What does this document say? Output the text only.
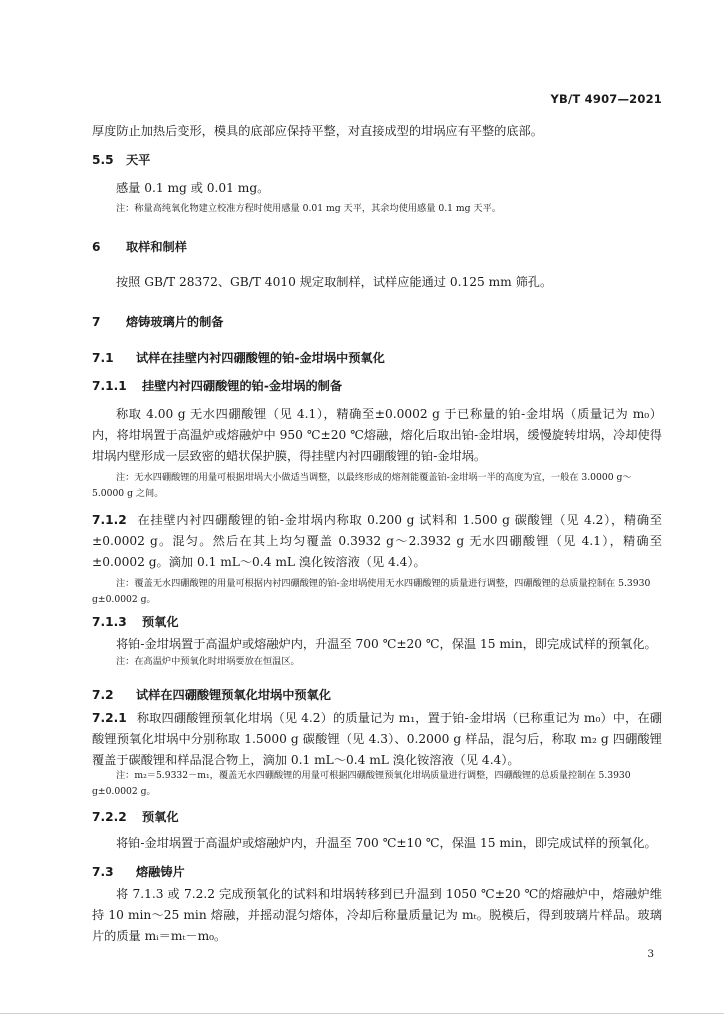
YB/T 4907—2021

厚度防止加热后变形，模具的底部应保持平整，对直接成型的坩埚应有平整的底部。

5.5 天平

感量 0.1 mg 或 0.01 mg。

注：称量高纯氧化物建立校准方程时使用感量 0.01 mg 天平，其余均使用感量 0.1 mg 天平。

6 取样和制样

按照 GB/T 28372、GB/T 4010 规定取制样，试样应能通过 0.125 mm 筛孔。

7 熔铸玻璃片的制备
7.1 试样在挂壁内衬四硼酸锂的铂-金坩埚中预氧化
7.1.1 挂壁内衬四硼酸锂的铂-金坩埚的制备

称取 4.00 g 无水四硼酸锂（见 4.1），精确至±0.0002 g 于已称量的铂-金坩埚（质量记为 m₀）内，将坩埚置于高温炉或熔融炉中 950 ℃±20 ℃熔融，熔化后取出铂-金坩埚，缓慢旋转坩埚，冷却使得坩埚内壁形成一层致密的蜡状保护膜，得挂壁内衬四硼酸锂的铂-金坩埚。

注：无水四硼酸锂的用量可根据坩埚大小做适当调整，以最终形成的熔剂能覆盖铂-金坩埚一半的高度为宜，一般在 3.0000 g～5.0000 g 之间。

7.1.2 在挂壁内衬四硼酸锂的铂-金坩埚内称取 0.200 g 试料和 1.500 g 碳酸锂（见 4.2），精确至±0.0002 g。混匀。然后在其上均匀覆盖 0.3932 g～2.3932 g 无水四硼酸锂（见 4.1），精确至±0.0002 g。滴加 0.1 mL～0.4 mL 溴化铵溶液（见 4.4）。

注：覆盖无水四硼酸锂的用量可根据内衬四硼酸锂的铂-金坩埚使用无水四硼酸锂的质量进行调整，四硼酸锂的总质量控制在 5.3930 g±0.0002 g。

7.1.3 预氧化

将铂-金坩埚置于高温炉或熔融炉内，升温至 700 ℃±20 ℃，保温 15 min，即完成试样的预氧化。

注：在高温炉中预氧化时坩埚要放在恒温区。

7.2 试样在四硼酸锂预氧化坩埚中预氧化

7.2.1 称取四硼酸锂预氧化坩埚（见 4.2）的质量记为 m₁，置于铂-金坩埚（已称重记为 m₀）中，在硼酸锂预氧化坩埚中分别称取 1.5000 g 碳酸锂（见 4.3）、0.2000 g 样品，混匀后，称取 m₂ g 四硼酸锂覆盖于碳酸锂和样品混合物上，滴加 0.1 mL～0.4 mL 溴化铵溶液（见 4.4）。

注：m₂＝5.9332－m₁，覆盖无水四硼酸锂的用量可根据四硼酸锂预氧化坩埚质量进行调整，四硼酸锂的总质量控制在 5.3930 g±0.0002 g。

7.2.2 预氧化

将铂-金坩埚置于高温炉或熔融炉内，升温至 700 ℃±10 ℃，保温 15 min，即完成试样的预氧化。

7.3 熔融铸片

将 7.1.3 或 7.2.2 完成预氧化的试料和坩埚转移到已升温到 1050 ℃±20 ℃的熔融炉中，熔融炉维持 10 min～25 min 熔融，并摇动混匀熔体，冷却后称量质量记为 mₜ。脱模后，得到玻璃片样品。玻璃片的质量 mᵢ＝mₜ－m₀。

3
